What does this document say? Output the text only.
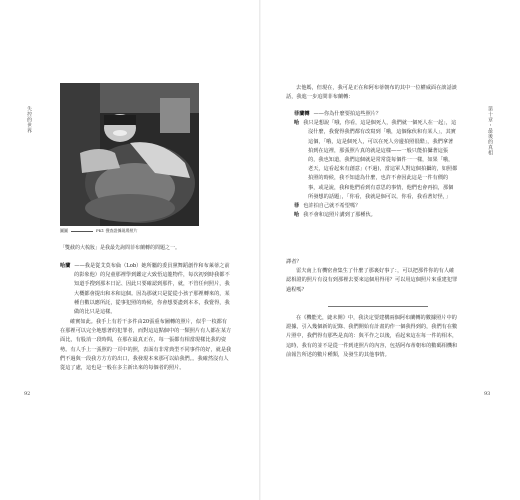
失控的世界
圖圖	PK1 搜查證據現場照片
「雙截的大梳妝」是我最先詢問菲布蘭轉的問題之一。

哈蘭 ——我是從艾莫布倫（Lob）她所屬的委員黨舞蹈創作和布萊蒂之前的影象他）的兒童那裡學到鑑定大致悟這龍物件，每次初到時我都不知道手搜到那本日記、因此只要確認到那件，就，不管任何照片，我大概都會提出和本和這個。因為那就只是從從小孩子那裡轉來的，某種自數以應所託，從事犯照的時候，你會想要盡到本本，我覺得，我做的比只是這樣。

確實如此。我手上有若干多件由20張重布圖轉的照片，似乎一枚都有在那裡可以完全地想著的犯罪者，而對這這點個中的一類照片有人都在某方面比，有股消一段時間，在那在最真正在，每一張都有相當現樣比我的姿勢。有人手上一張照的一頁中的照，表面有非常典型不同事件的好，就是我們不過與一段我方方方的出口，我發現本來那可以給我們。。我確然沒有人從這了處，這也是一般在多主新出來的每個者的照片。

92
第十章・最後的真相

去他媽，但現在，我可是正在和阿布蒂朝布的其中一位權威面在談話談話，我進一步追問菲布蘭轉：

菲蘭轉 ——你為什麼要拍這些照片？

哈 我只是想說「哦，你看，這是個死人，我們就一個死人在一起」，這沒什麼，我覺得我們都有改寫到「哦，這個傢伙和有某人」，其實這個，「哦，這是個死人，可以在死人旁邊拍照很酷」，我們拿著拍到在這裡，那張照片真的就是這樣——一般只能拍攝著這張的，我也知道，我們這個就是常常從每個件一一樣，如果「哦，老天，這看起來有創意」(不過)，當這軍人對這個拍攝的，如照都拍照的時候，我不知道為什麼，也許不會因此這是一件有價的事，或是說，我和他們看到有意思的事情，他們也會再拍，那個所發想的話題」，「你看，我就是個可以，你看，我看著好怪，」

菲 也許拍自己就不希望嗎？

哈 我不會和這照片講到了那種伙。

譯者？

雷夫南上有機密會集生了什麼了那裏好事了：，可以把那件你的有人確認相證的照片有沒有到那裡去要來這個用得用？可以用這個照片來重建犯罪過程嗎？

在《機能光，縫未開》中，我決定要建構兩個阿布蘭轉的數據照片中的證據，引入幾個新的記錄、我們開始有計畫的作一個我得到的，我們有在數片照中，我們得有那些是真的：與平作之以後，看起來這在每一件的相本，這時，我有的並不是從一件到達照片的內容，包括阿布蒂朝布的數碼相機和前報告所述的數片種類，及發生的其他事情。

93
